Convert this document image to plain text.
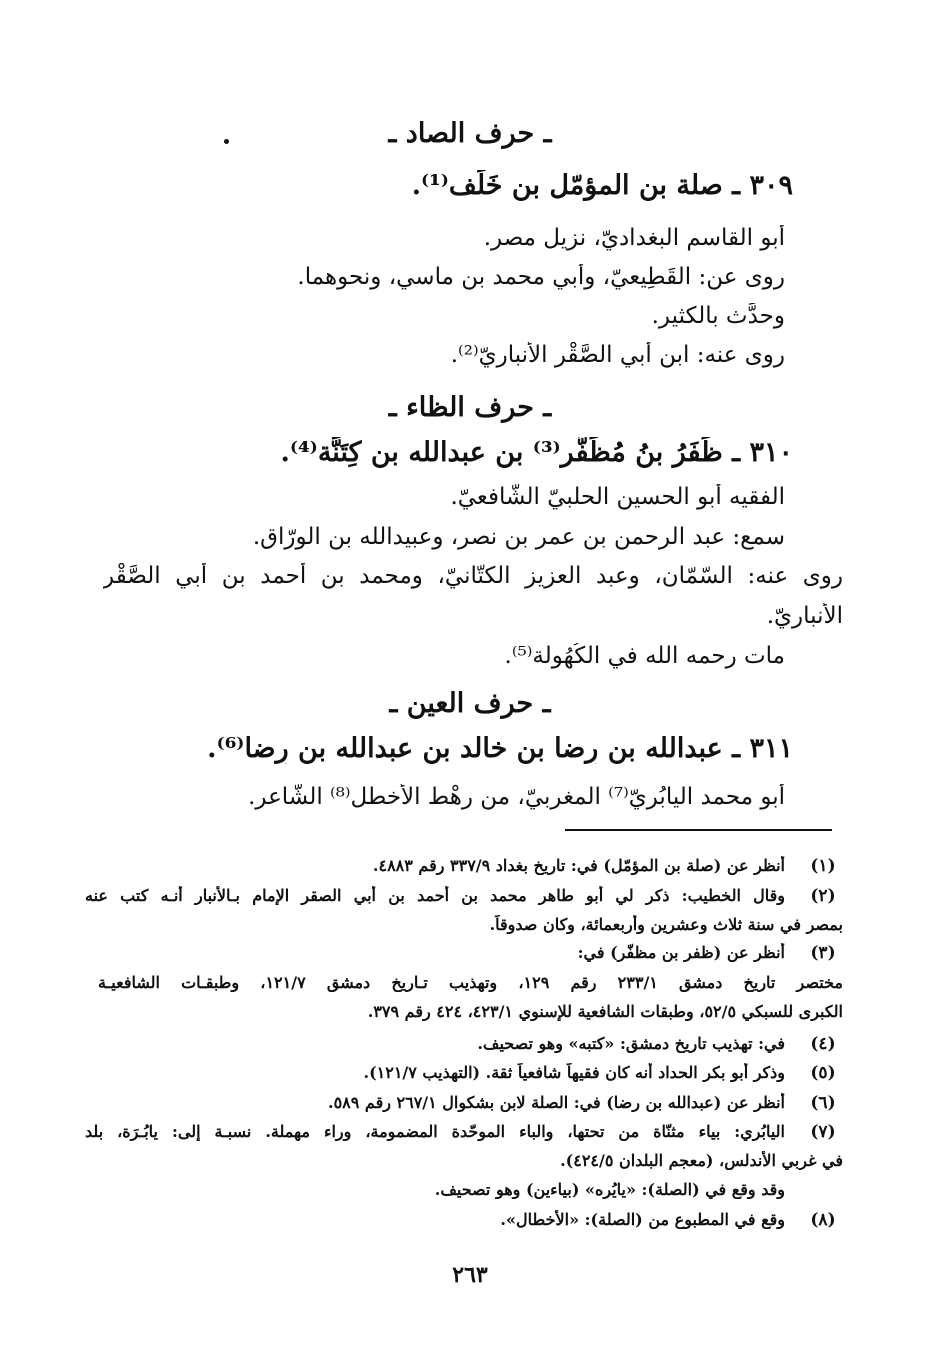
ـ حرف الصاد ـ
٣٠٩ ـ صلة بن المؤمّل بن خَلَف⁽¹⁾.
أبو القاسم البغداديّ، نزيل مصر.
روى عن: القَطِيعيّ، وأبي محمد بن ماسي، ونحوهما.
وحدَّث بالكثير.
روى عنه: ابن أبي الصَّقْر الأنباريّ⁽²⁾.
ـ حرف الظاء ـ
٣١٠ ـ ظَفَرُ بنُ مُظَفَّر⁽³⁾ بن عبدالله بن كِتَنَّة⁽⁴⁾.
الفقيه أبو الحسين الحلبيّ الشّافعيّ.
سمع: عبد الرحمن بن عمر بن نصر، وعبيدالله بن الورّاق.
روى عنه: السّمّان، وعبد العزيز الكتّانيّ، ومحمد بن أحمد بن أبي الصَّقْر
الأنباريّ.
مات رحمه الله في الكُهُولة⁽⁵⁾.
ـ حرف العين ـ
٣١١ ـ عبدالله بن رِضا بن خالد بن عبدالله بن رِضا⁽⁶⁾.
أبو محمد اليابُرِيّ⁽⁷⁾ المغربيّ، من رهْط الأخطل⁽⁸⁾ الشّاعر.
(١)
(٢)
(٣)
(٤)
(٥)
(٦)
(٧)
(٨)
أنظر عن (صلة بن المؤمّل) في: تاريخ بغداد ٣٣٧/٩ رقم ٤٨٨٣.
وقال الخطيب: ذكر لي أبو طاهر محمد بن أحمد بن أبي الصقر الإمام بـالأنبار أنـه كتب عنه
بمصر في سنة ثلاث وعشرين وأربعمائة، وكان صدوقاً.
أنظر عن (ظفر بن مظفّر) في:
مختصر تاريخ دمشق ٢٣٣/١ رقم ١٢٩، وتهذيب تـاريخ دمشق ١٢١/٧، وطبقـات الشافعيـة
الكبرى للسبكي ٥٢/٥، وطبقات الشافعية للإسنوي ٤٢٣/١، ٤٢٤ رقم ٣٧٩.
في: تهذيب تاريخ دمشق: «كتبه» وهو تصحيف.
وذكر أبو بكر الحداد أنه كان فقيهاً شافعياً ثقة. (التهذيب ١٢١/٧).
أنظر عن (عبدالله بن رضا) في: الصلة لابن بشكوال ٢٦٧/١ رقم ٥٨٩.
اليابُري: بياء مثنّاة من تحتها، والباء الموحّدة المضمومة، وراء مهملة. نسبـة إلى: يابُـرَة، بلد
في غربي الأندلس، (معجم البلدان ٤٢٤/٥).
وقد وقع في (الصلة): «يايُره» (بياءين) وهو تصحيف.
وقع في المطبوع من (الصلة): «الأخطال».
٢٦٣
